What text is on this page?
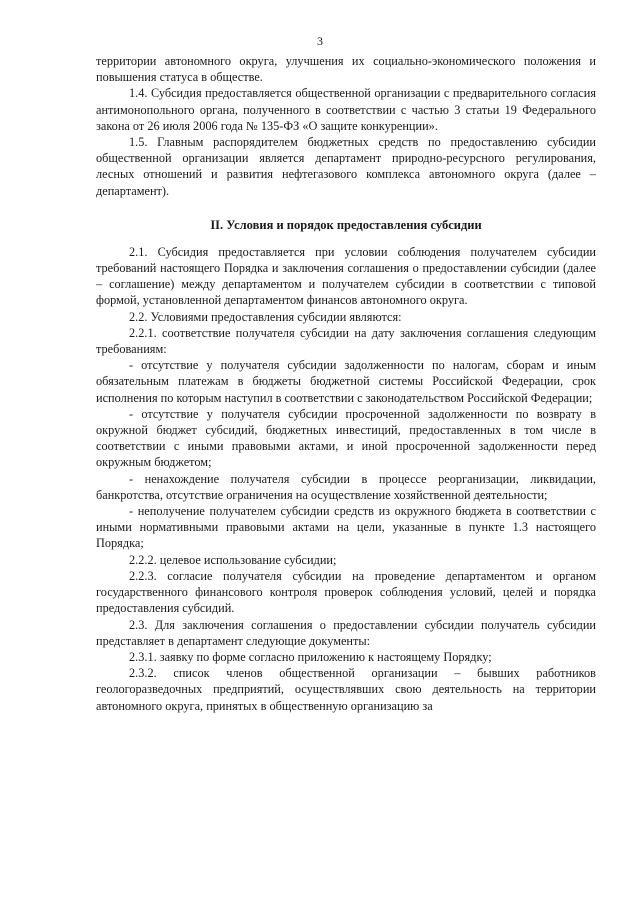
3

территории автономного округа, улучшения их социально-экономического положения и повышения статуса в обществе.

1.4. Субсидия предоставляется общественной организации с предварительного согласия антимонопольного органа, полученного в соответствии с частью 3 статьи 19 Федерального закона от 26 июля 2006 года № 135-ФЗ «О защите конкуренции».

1.5. Главным распорядителем бюджетных средств по предоставлению субсидии общественной организации является департамент природно-ресурсного регулирования, лесных отношений и развития нефтегазового комплекса автономного округа (далее – департамент).

II. Условия и порядок предоставления субсидии

2.1. Субсидия предоставляется при условии соблюдения получателем субсидии требований настоящего Порядка и заключения соглашения о предоставлении субсидии (далее – соглашение) между департаментом и получателем субсидии в соответствии с типовой формой, установленной департаментом финансов автономного округа.

2.2. Условиями предоставления субсидии являются:

2.2.1. соответствие получателя субсидии на дату заключения соглашения следующим требованиям:

- отсутствие у получателя субсидии задолженности по налогам, сборам и иным обязательным платежам в бюджеты бюджетной системы Российской Федерации, срок исполнения по которым наступил в соответствии с законодательством Российской Федерации;

- отсутствие у получателя субсидии просроченной задолженности по возврату в окружной бюджет субсидий, бюджетных инвестиций, предоставленных в том числе в соответствии с иными правовыми актами, и иной просроченной задолженности перед окружным бюджетом;

- ненахождение получателя субсидии в процессе реорганизации, ликвидации, банкротства, отсутствие ограничения на осуществление хозяйственной деятельности;

- неполучение получателем субсидии средств из окружного бюджета в соответствии с иными нормативными правовыми актами на цели, указанные в пункте 1.3 настоящего Порядка;

2.2.2. целевое использование субсидии;

2.2.3. согласие получателя субсидии на проведение департаментом и органом государственного финансового контроля проверок соблюдения условий, целей и порядка предоставления субсидий.

2.3. Для заключения соглашения о предоставлении субсидии получатель субсидии представляет в департамент следующие документы:

2.3.1. заявку по форме согласно приложению к настоящему Порядку;

2.3.2. список членов общественной организации – бывших работников геологоразведочных предприятий, осуществлявших свою деятельность на территории автономного округа, принятых в общественную организацию за
